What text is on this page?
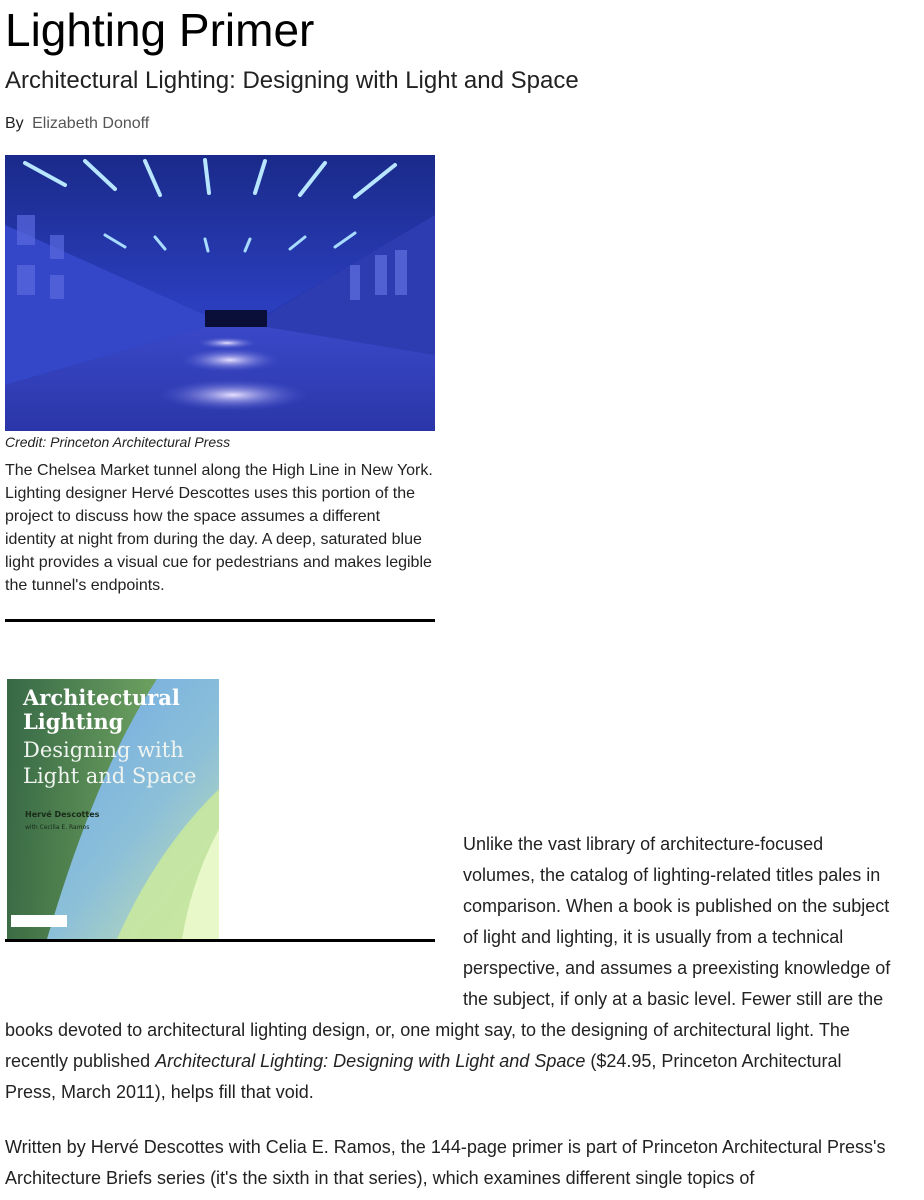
Lighting Primer
Architectural Lighting: Designing with Light and Space
By Elizabeth Donoff
Credit: Princeton Architectural Press
The Chelsea Market tunnel along the High Line in New York. Lighting designer Hervé Descottes uses this portion of the project to discuss how the space assumes a different identity at night from during the day. A deep, saturated blue light provides a visual cue for pedestrians and makes legible the tunnel's endpoints.
Architectural
Lighting
Designing with
Light and Space
Hervé Descottes
with Cecilia E. Ramos

Unlike the vast library of architecture-focused volumes, the catalog of lighting-related titles pales in comparison. When a book is published on the subject of light and lighting, it is usually from a technical perspective, and assumes a preexisting knowledge of the subject, if only at a basic level. Fewer still are the books devoted to architectural lighting design, or, one might say, to the designing of architectural light. The recently published Architectural Lighting: Designing with Light and Space ($24.95, Princeton Architectural Press, March 2011), helps fill that void.

Written by Hervé Descottes with Celia E. Ramos, the 144-page primer is part of Princeton Architectural Press's Architecture Briefs series (it's the sixth in that series), which examines different single topics of
